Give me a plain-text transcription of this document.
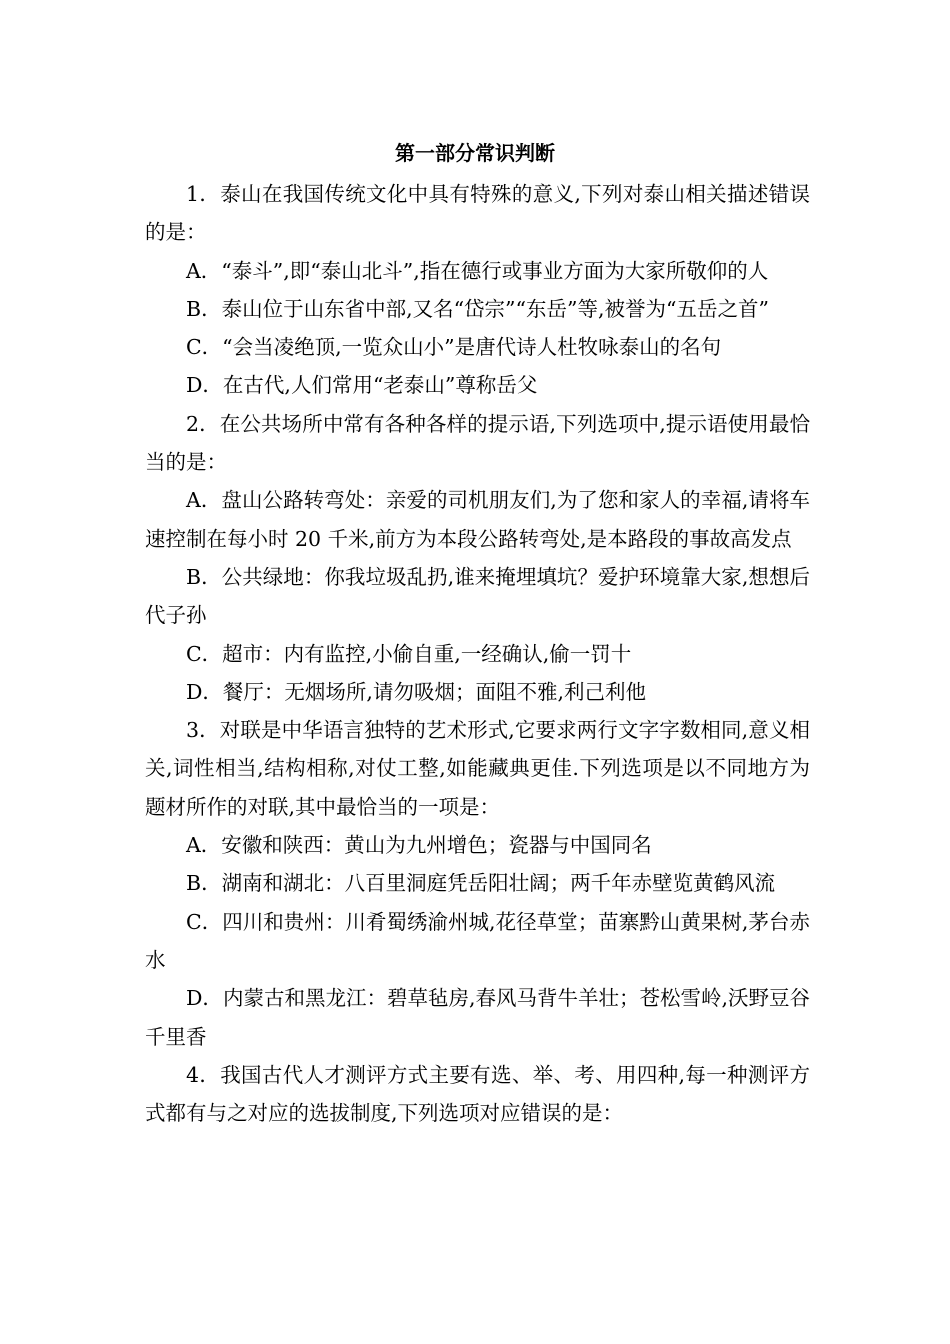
第一部分常识判断

1．泰山在我国传统文化中具有特殊的意义,下列对泰山相关描述错误的是：

A．“泰斗”,即“泰山北斗”,指在德行或事业方面为大家所敬仰的人

B．泰山位于山东省中部,又名“岱宗”“东岳”等,被誉为“五岳之首”

C．“会当凌绝顶,一览众山小”是唐代诗人杜牧咏泰山的名句

D．在古代,人们常用“老泰山”尊称岳父

2．在公共场所中常有各种各样的提示语,下列选项中,提示语使用最恰当的是：

A．盘山公路转弯处：亲爱的司机朋友们,为了您和家人的幸福,请将车速控制在每小时 20 千米,前方为本段公路转弯处,是本路段的事故高发点

B．公共绿地：你我垃圾乱扔,谁来掩埋填坑？爱护环境靠大家,想想后代子孙

C．超市：内有监控,小偷自重,一经确认,偷一罚十

D．餐厅：无烟场所,请勿吸烟；面阻不雅,利己利他

3．对联是中华语言独特的艺术形式,它要求两行文字字数相同,意义相关,词性相当,结构相称,对仗工整,如能藏典更佳.下列选项是以不同地方为题材所作的对联,其中最恰当的一项是：

A．安徽和陕西：黄山为九州增色；瓷器与中国同名

B．湖南和湖北：八百里洞庭凭岳阳壮阔；两千年赤壁览黄鹤风流

C．四川和贵州：川肴蜀绣渝州城,花径草堂；苗寨黔山黄果树,茅台赤水

D．内蒙古和黑龙江：碧草毡房,春风马背牛羊壮；苍松雪岭,沃野豆谷千里香

4．我国古代人才测评方式主要有选、举、考、用四种,每一种测评方式都有与之对应的选拔制度,下列选项对应错误的是：
